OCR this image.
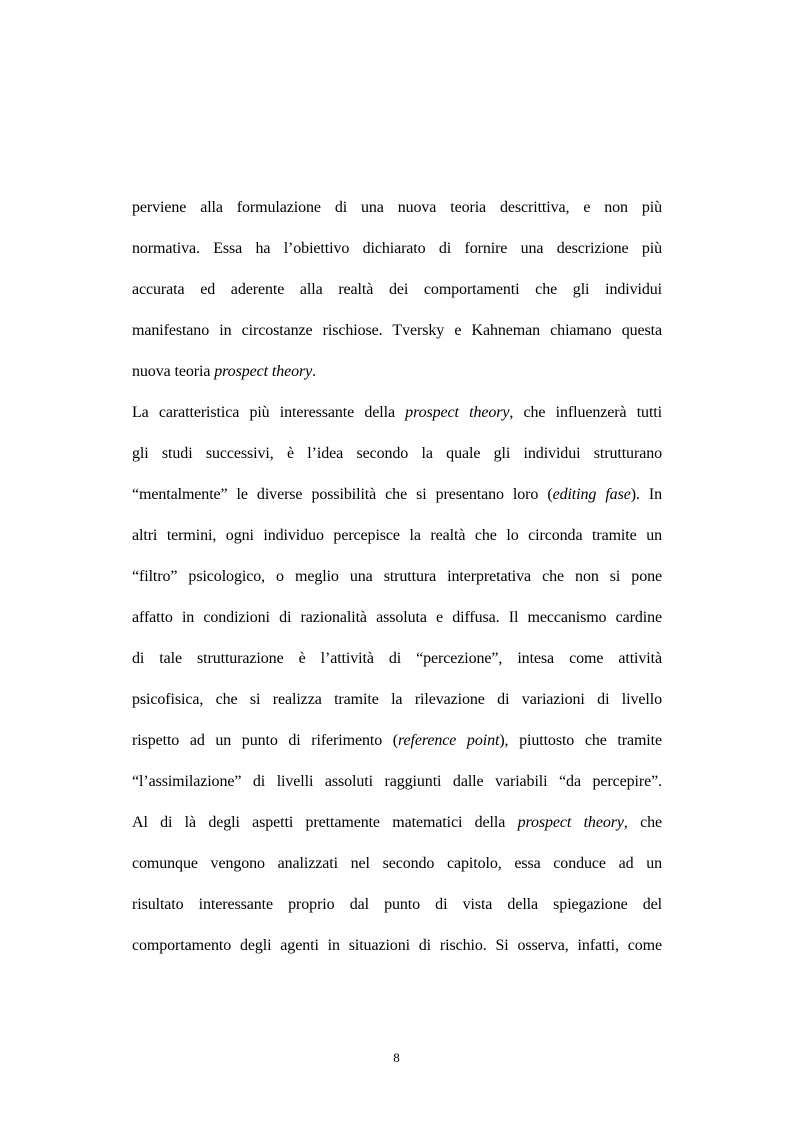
perviene alla formulazione di una nuova teoria descrittiva, e non più
normativa. Essa ha l’obiettivo dichiarato di fornire una descrizione più
accurata ed aderente alla realtà dei comportamenti che gli individui
manifestano in circostanze rischiose. Tversky e Kahneman chiamano questa
nuova teoria prospect theory.
La caratteristica più interessante della prospect theory, che influenzerà tutti
gli studi successivi, è l’idea secondo la quale gli individui strutturano
“mentalmente” le diverse possibilità che si presentano loro (editing fase). In
altri termini, ogni individuo percepisce la realtà che lo circonda tramite un
“filtro” psicologico, o meglio una struttura interpretativa che non si pone
affatto in condizioni di razionalità assoluta e diffusa. Il meccanismo cardine
di tale strutturazione è l’attività di “percezione”, intesa come attività
psicofisica, che si realizza tramite la rilevazione di variazioni di livello
rispetto ad un punto di riferimento (reference point), piuttosto che tramite
“l’assimilazione” di livelli assoluti raggiunti dalle variabili “da percepire”.
Al di là degli aspetti prettamente matematici della prospect theory, che
comunque vengono analizzati nel secondo capitolo, essa conduce ad un
risultato interessante proprio dal punto di vista della spiegazione del
comportamento degli agenti in situazioni di rischio. Si osserva, infatti, come
8
